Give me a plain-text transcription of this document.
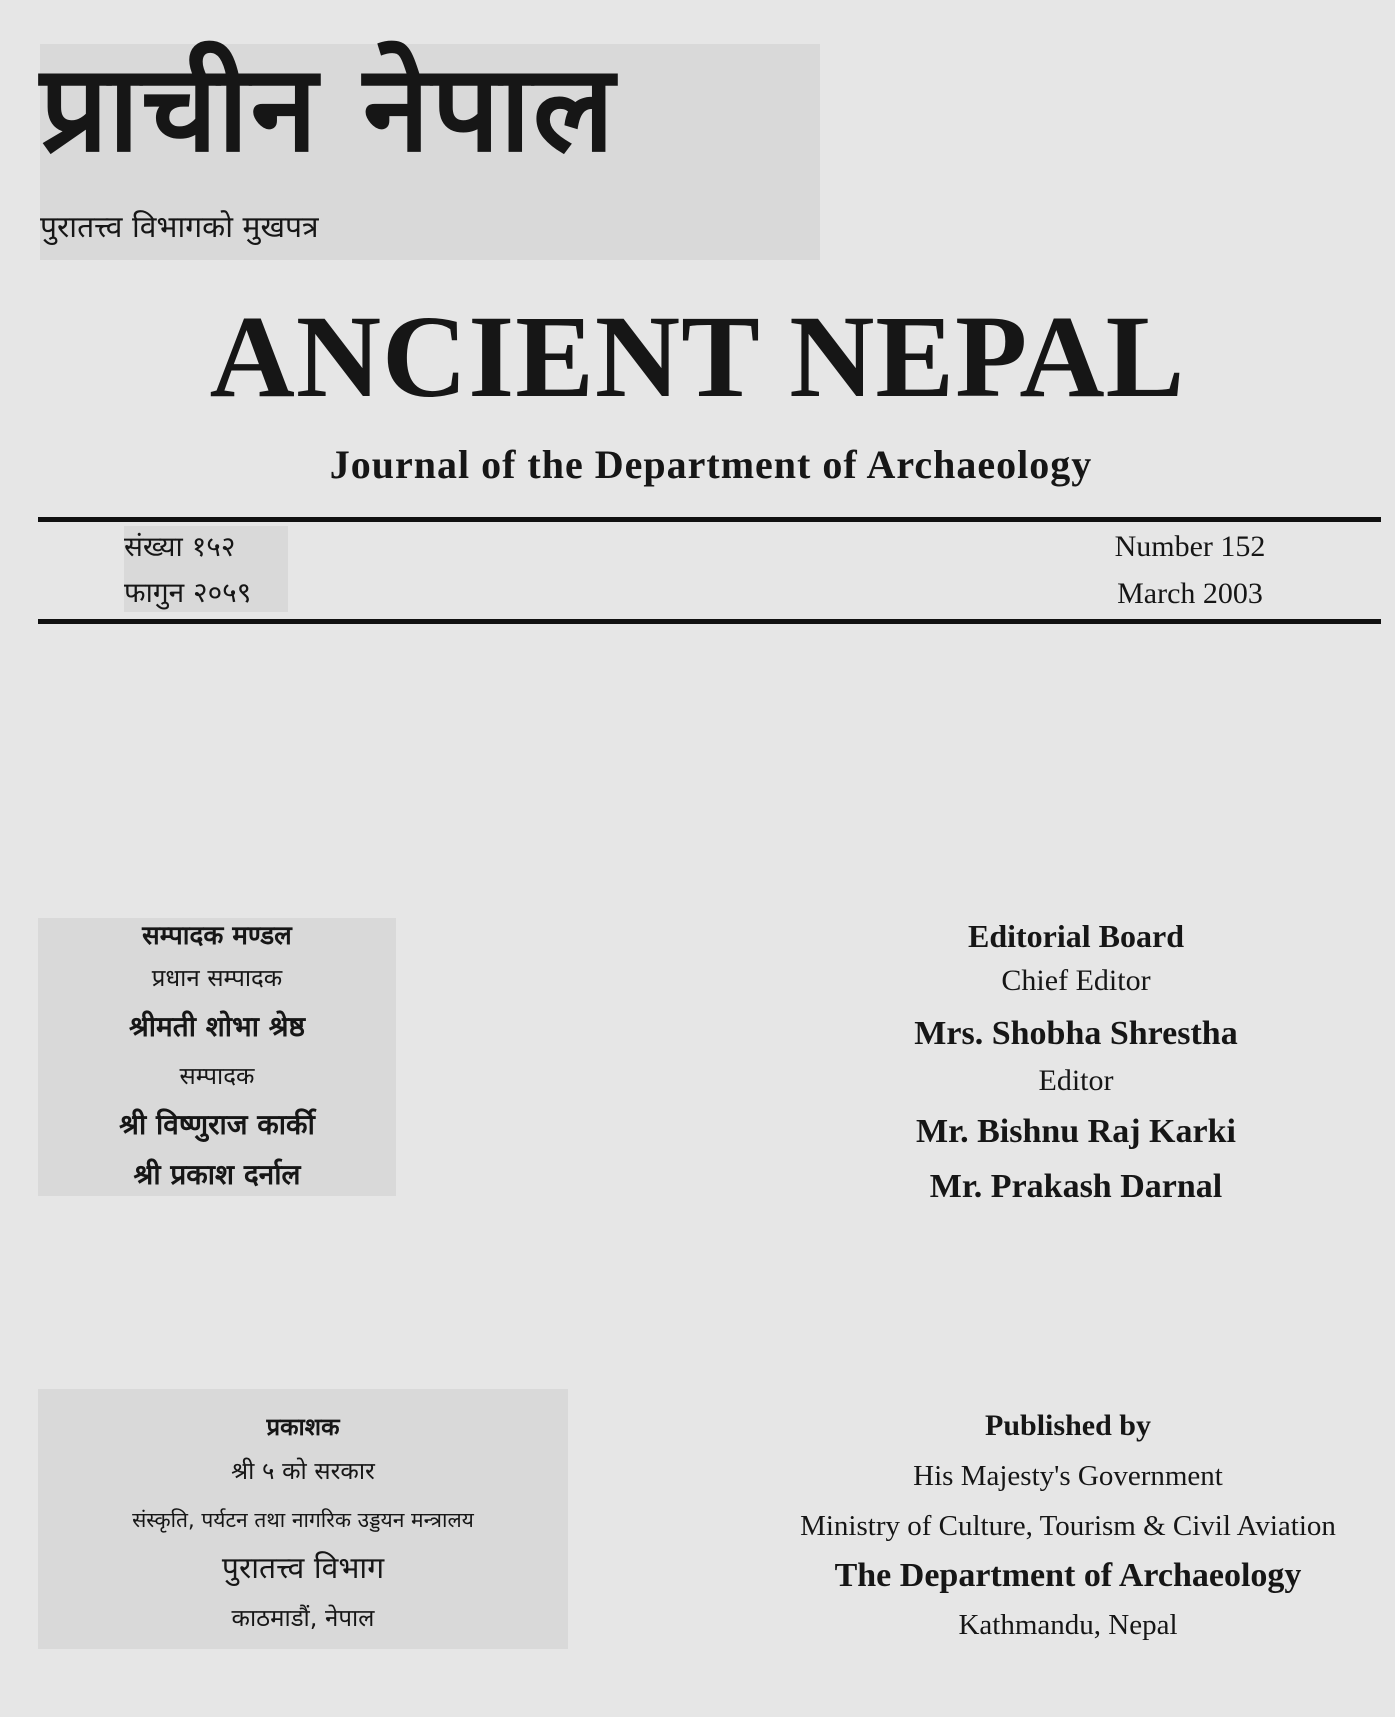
प्राचीन नेपाल
पुरातत्त्व विभागको मुखपत्र
ANCIENT NEPAL
Journal of the Department of Archaeology
संख्या १५२
फागुन २०५९
Number 152
March 2003
सम्पादक मण्डल
प्रधान सम्पादक
श्रीमती शोभा श्रेष्ठ
सम्पादक
श्री विष्णुराज कार्की
श्री प्रकाश दर्नाल
Editorial Board
Chief Editor
Mrs. Shobha Shrestha
Editor
Mr. Bishnu Raj Karki
Mr. Prakash Darnal
प्रकाशक
श्री ५ को सरकार
संस्कृति, पर्यटन तथा नागरिक उड्डयन मन्त्रालय
पुरातत्त्व विभाग
काठमाडौं, नेपाल
Published by
His Majesty's Government
Ministry of Culture, Tourism & Civil Aviation
The Department of Archaeology
Kathmandu, Nepal
